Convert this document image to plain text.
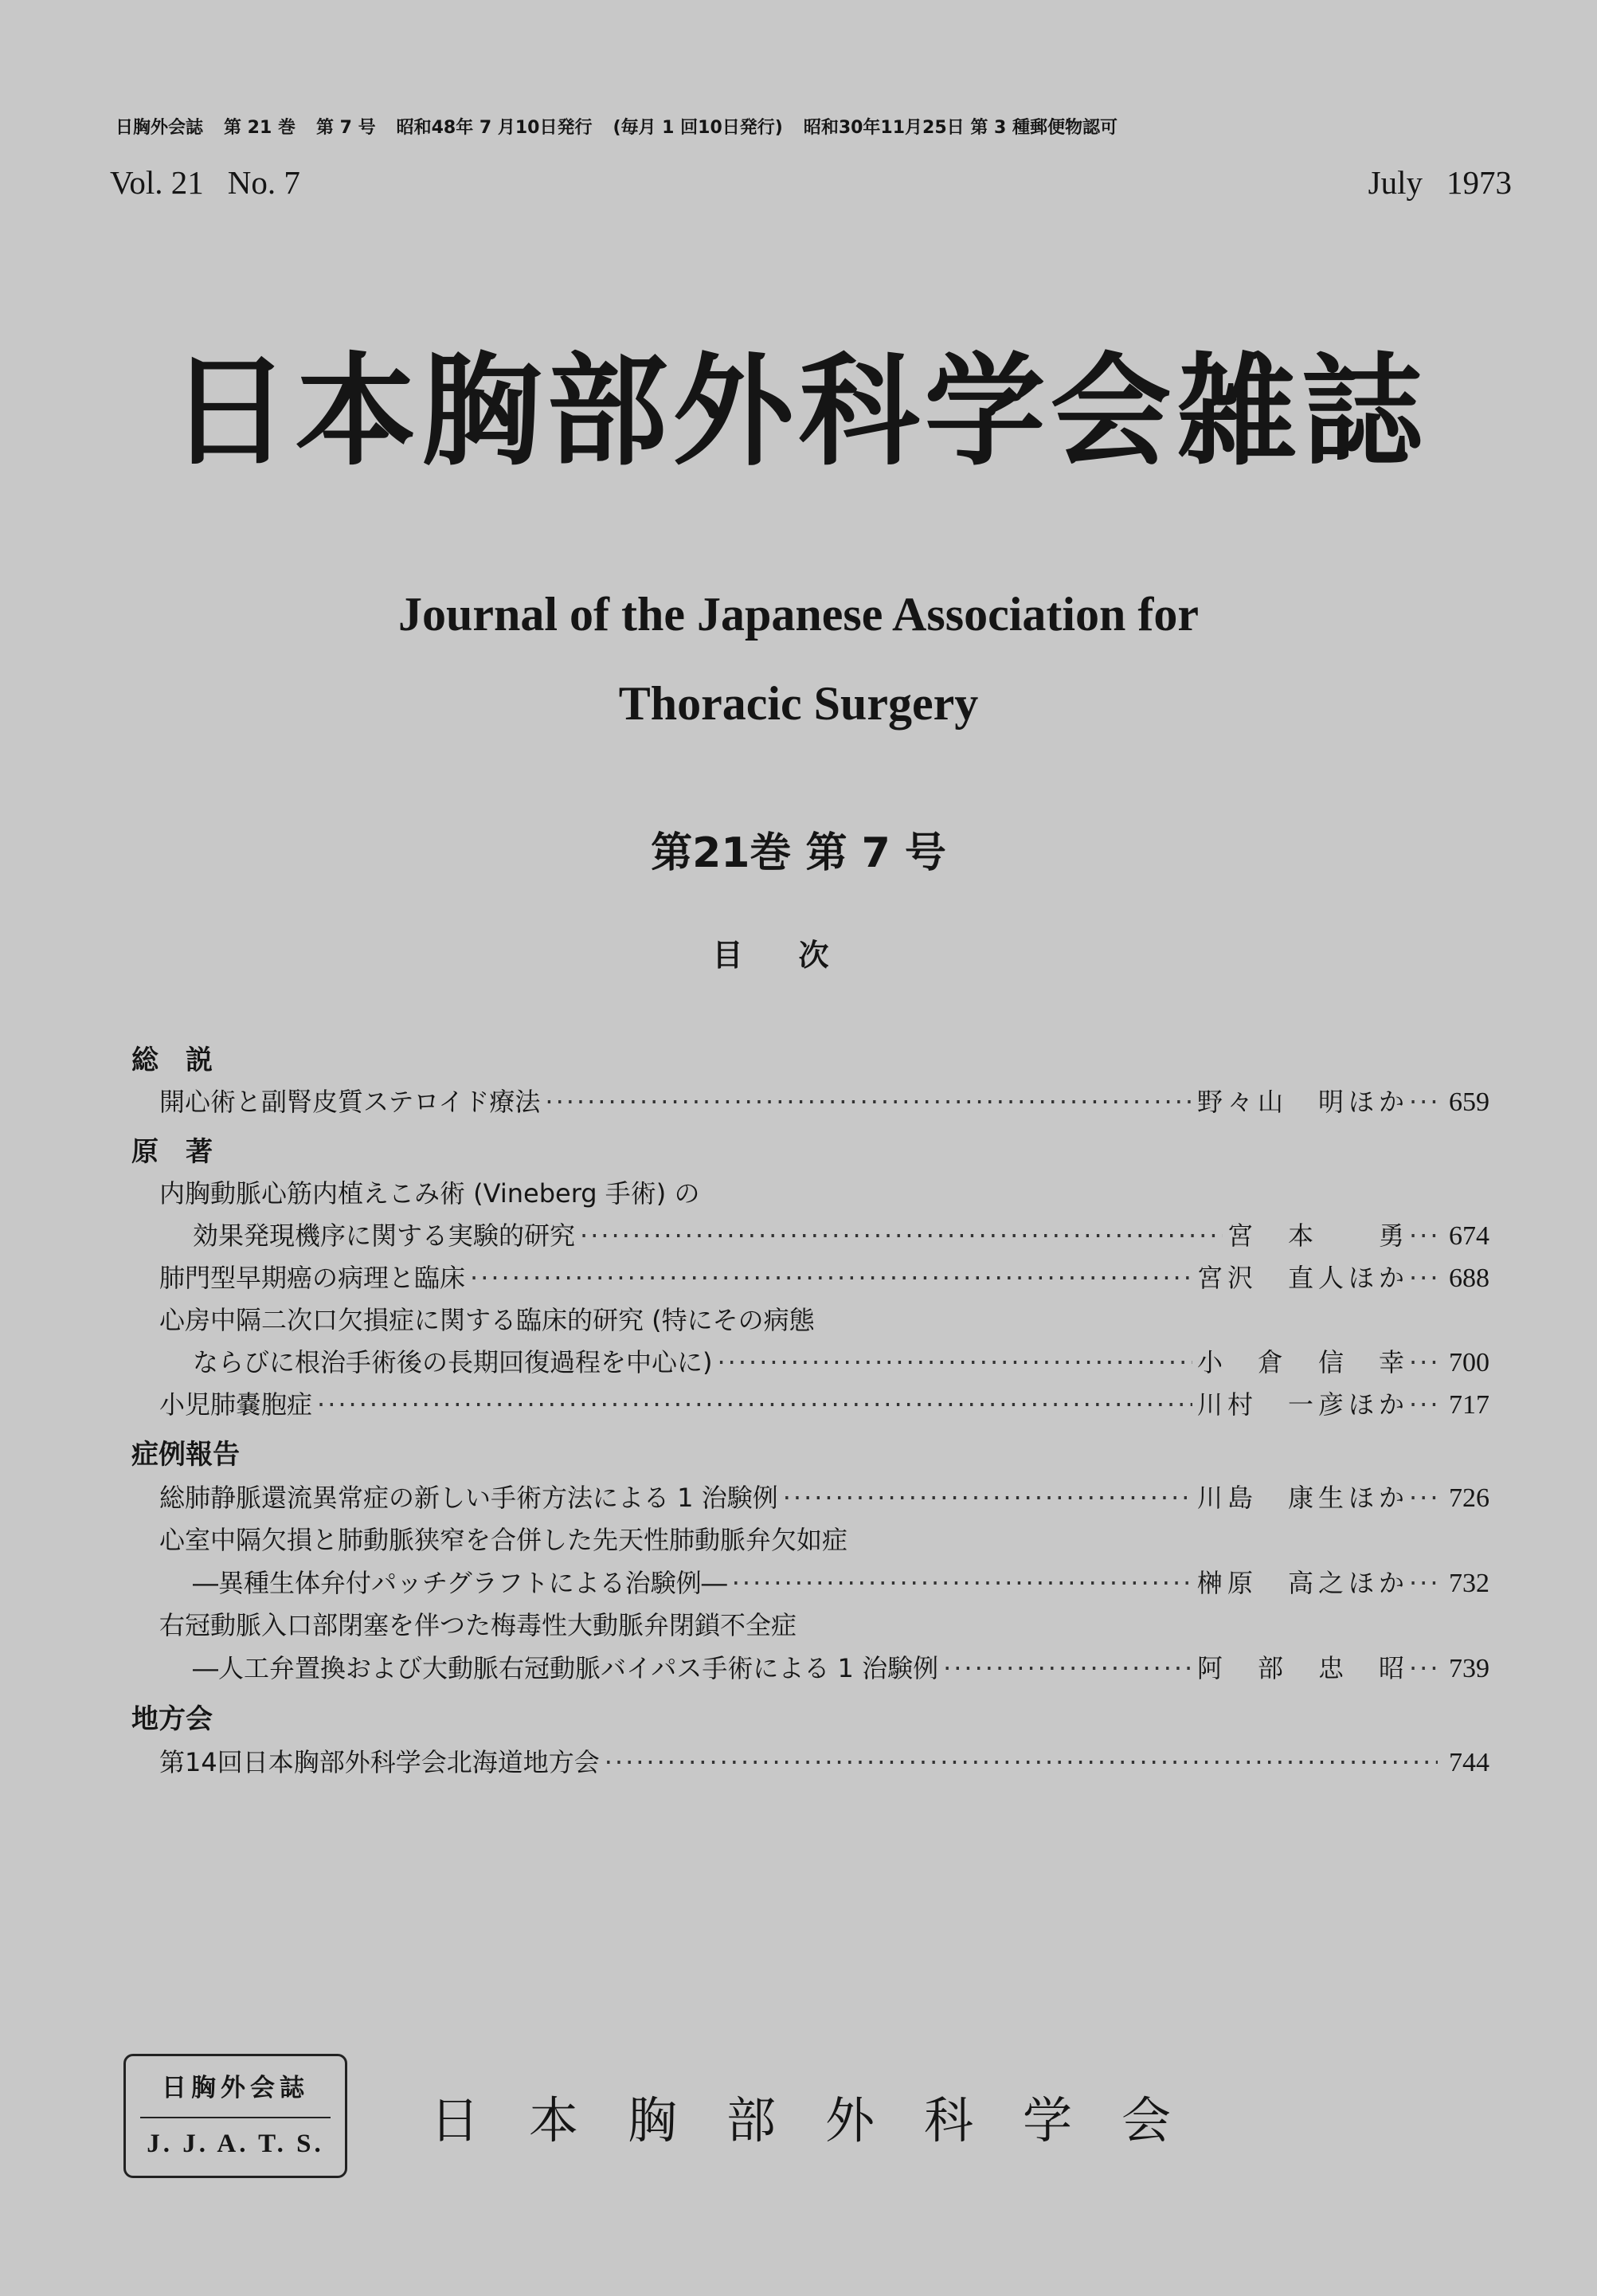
日胸外会誌 第 21 巻 第 7 号 昭和48年 7 月10日発行 (毎月 1 回10日発行) 昭和30年11月25日 第 3 種郵便物認可
Vol. 21 No. 7	July 1973
日本胸部外科学会雑誌
Journal of the Japanese Association for
Thoracic Surgery
第21巻 第 7 号
目次
総　説
開心術と副腎皮質ステロイド療法 ·····	野々山　明ほか ····· 659
原　著
内胸動脈心筋内植えこみ術 (Vineberg 手術) の
効果発現機序に関する実験的研究 ·····	宮　本　　勇 ····· 674
肺門型早期癌の病理と臨床 ·····	宮沢　直人ほか ····· 688
心房中隔二次口欠損症に関する臨床的研究 (特にその病態
ならびに根治手術後の長期回復過程を中心に) ·····	小　倉　信　幸 ····· 700
小児肺嚢胞症 ·····	川村　一彦ほか ····· 717
症例報告
総肺静脈還流異常症の新しい手術方法による 1 治験例 ·····	川島　康生ほか ····· 726
心室中隔欠損と肺動脈狭窄を合併した先天性肺動脈弁欠如症
―異種生体弁付パッチグラフトによる治験例― ·····	榊原　高之ほか ····· 732
右冠動脈入口部閉塞を伴つた梅毒性大動脈弁閉鎖不全症
―人工弁置換および大動脈右冠動脈バイパス手術による 1 治験例 ·····	阿　部　忠　昭 ····· 739
地方会
第14回日本胸部外科学会北海道地方会 ·····	744
日胸外会誌
J. J. A. T. S.	日本胸部外科学会
